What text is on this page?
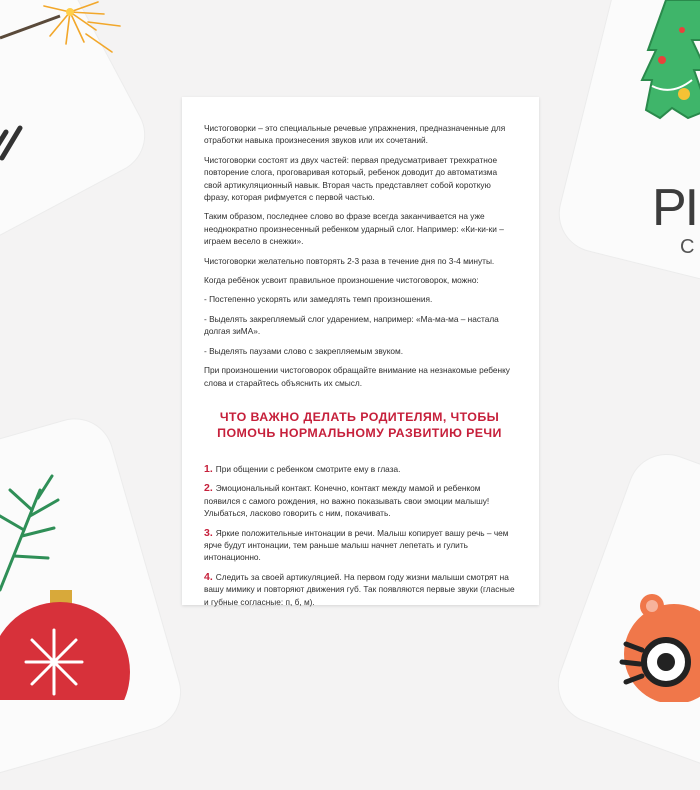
PI
C

Чистоговорки – это специальные речевые упражнения, предназначенные для отработки навыка произнесения звуков или их сочетаний.

Чистоговорки состоят из двух частей: первая предусматривает трехкратное повторение слога, проговаривая который, ребенок доводит до автоматизма свой артикуляционный навык. Вторая часть представляет собой короткую фразу, которая рифмуется с первой частью.

Таким образом, последнее слово во фразе всегда заканчивается на уже неоднократно произнесенный ребенком ударный слог. Например: «Ки-ки-ки – играем весело в снежки».

Чистоговорки желательно повторять 2-3 раза в течение дня по 3-4 минуты.

Когда ребёнок усвоит правильное произношение чистоговорок, можно:

- Постепенно ускорять или замедлять темп произношения.

- Выделять закрепляемый слог ударением, например: «Ма-ма-ма – настала долгая зиМА».

- Выделять паузами слово с закрепляемым звуком.

При произношении чистоговорок обращайте внимание на незнакомые ребенку слова и старайтесь объяснить их смысл.

ЧТО ВАЖНО ДЕЛАТЬ РОДИТЕЛЯМ, ЧТОБЫ
ПОМОЧЬ НОРМАЛЬНОМУ РАЗВИТИЮ РЕЧИ

1. При общении с ребенком смотрите ему в глаза.

2. Эмоциональный контакт. Конечно, контакт между мамой и ребенком появился с самого рождения, но важно показывать свои эмоции малышу! Улыбаться, ласково говорить с ним, покачивать.

3. Яркие положительные интонации в речи. Малыш копирует вашу речь – чем ярче будут интонации, тем раньше малыш начнет лепетать и гулить интонационно.

4. Следить за своей артикуляцией. На первом году жизни малыши смотрят на вашу мимику и повторяют движения губ. Так появляются первые звуки (гласные и губные согласные: п, б, м).
